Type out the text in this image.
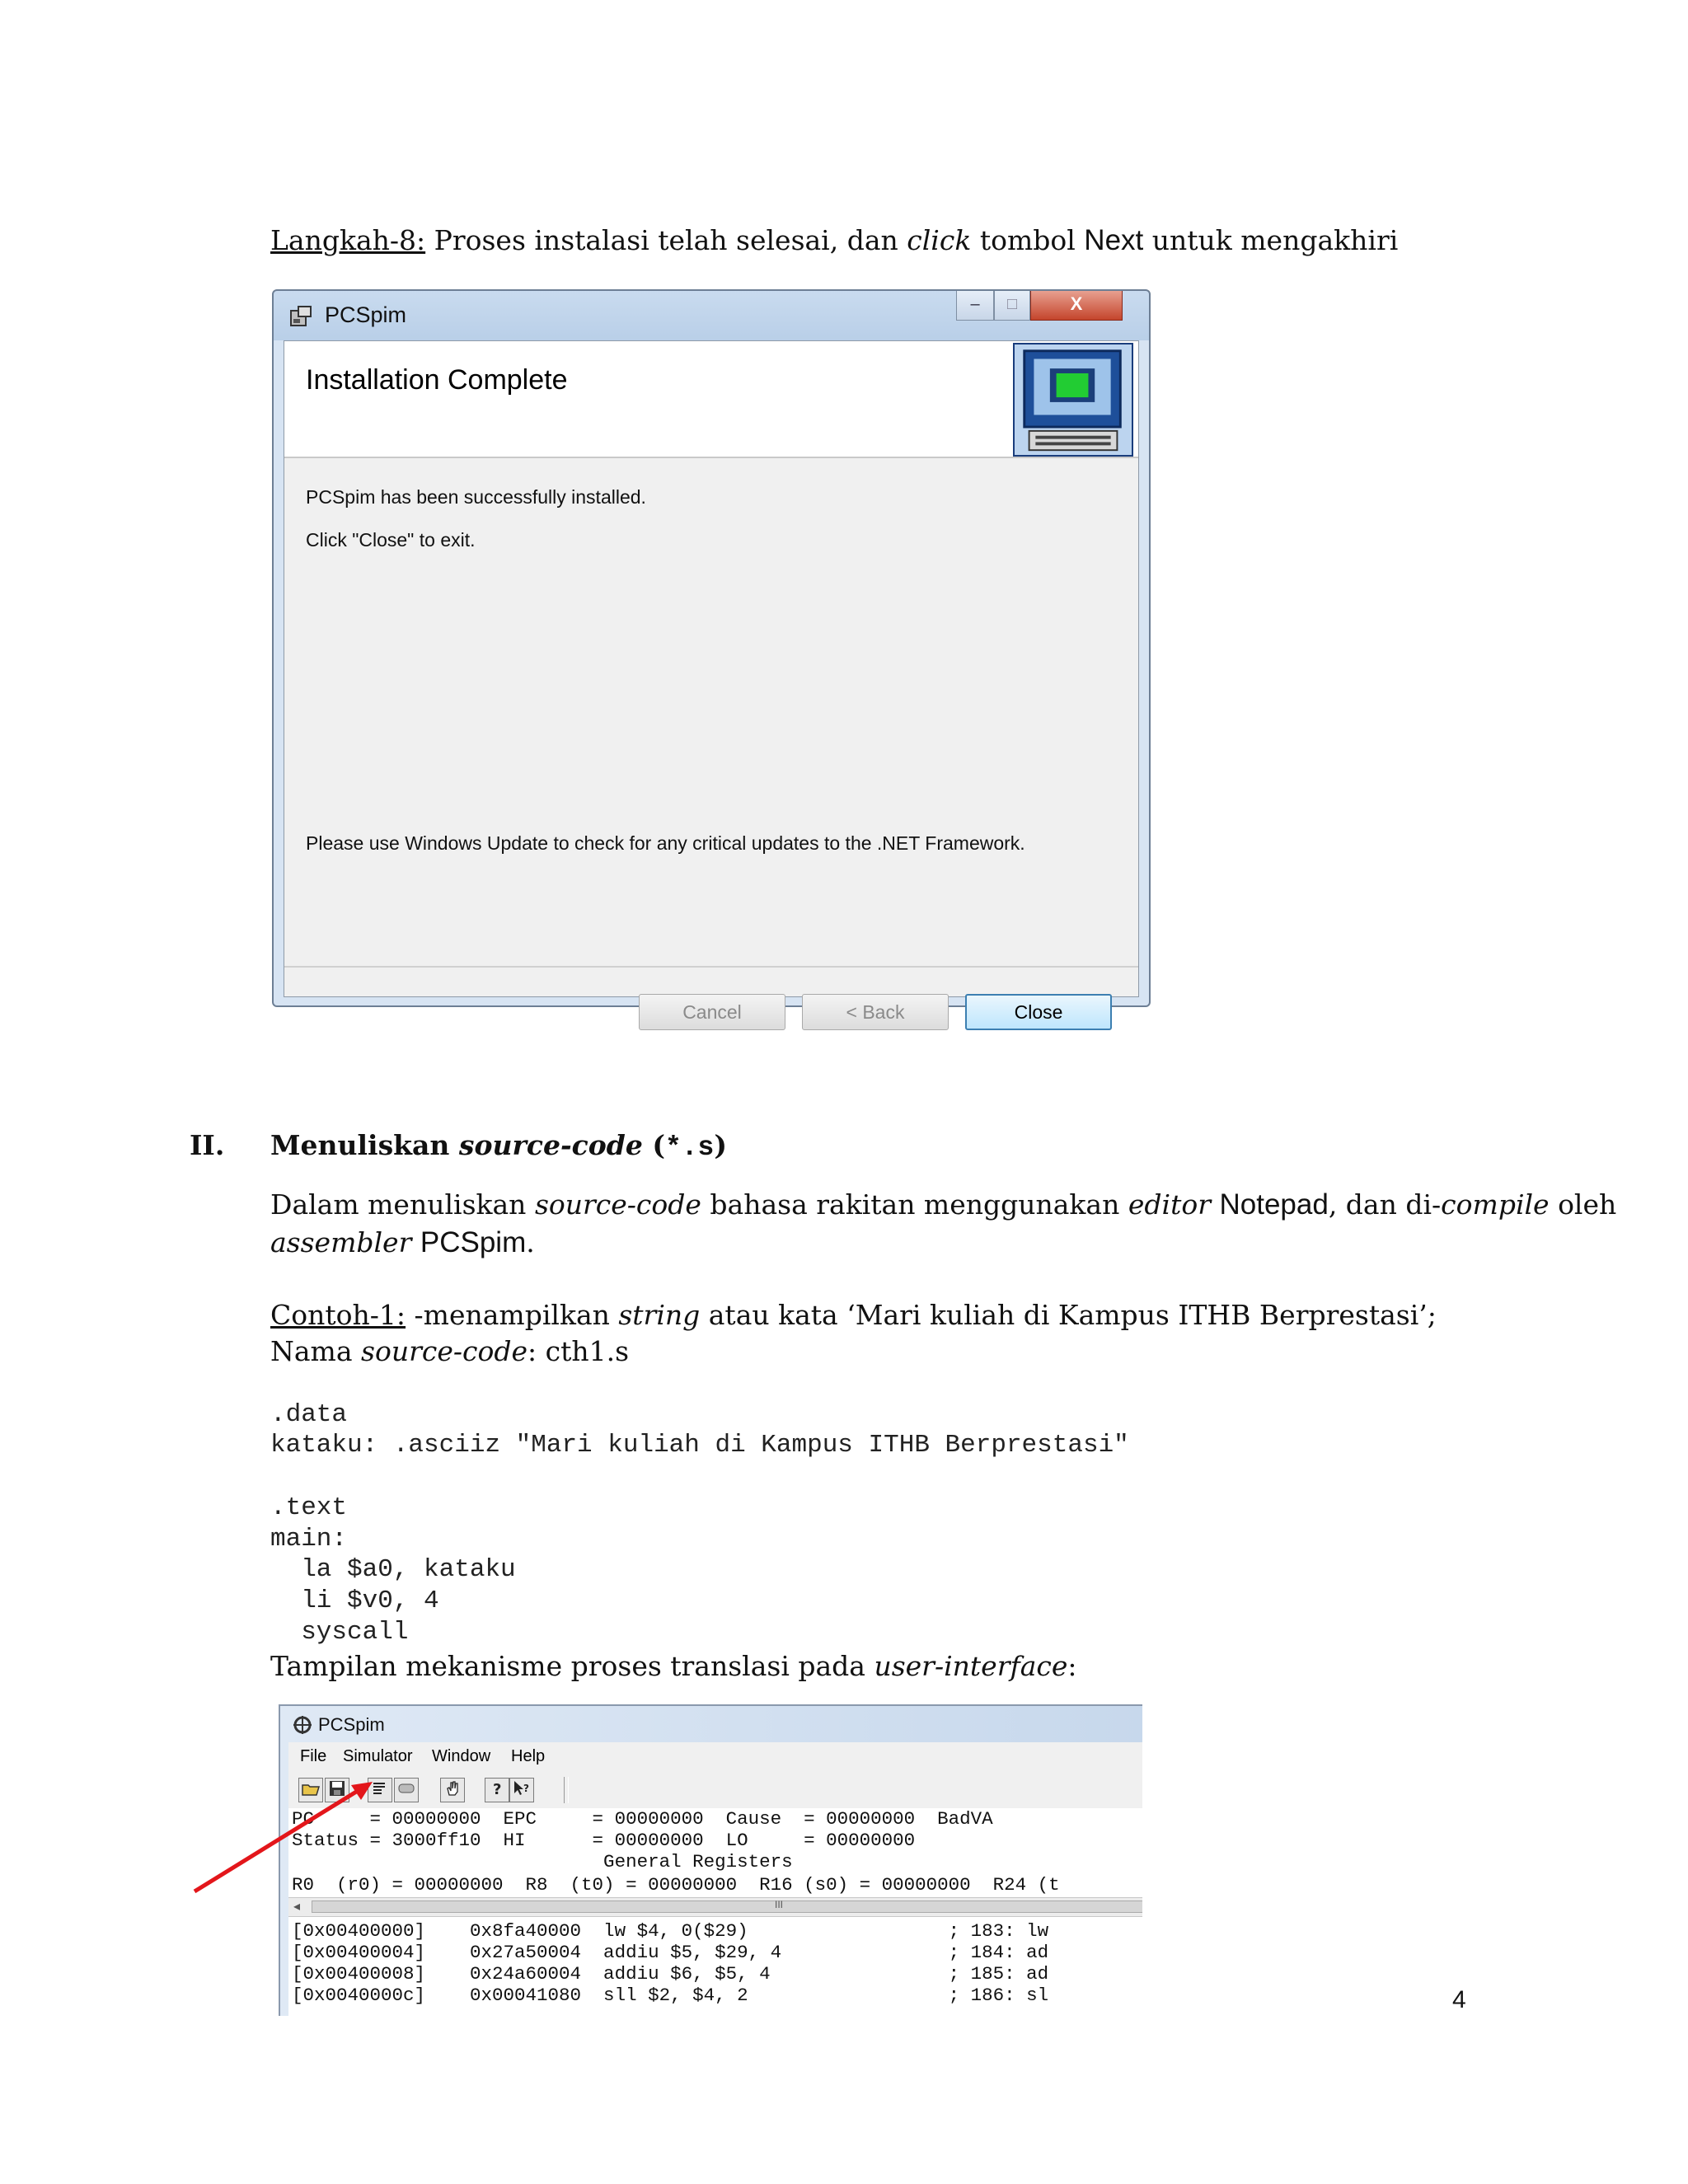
Langkah-8: Proses instalasi telah selesai, dan click tombol Next untuk mengakhiri
PCSpim	–	□	X
Installation Complete
PCSpim has been successfully installed.
Click "Close" to exit.
Please use Windows Update to check for any critical updates to the .NET Framework.
Cancel	< Back	Close
II. Menuliskan source-code (*.s)
Dalam menuliskan source-code bahasa rakitan menggunakan editor Notepad, dan di-compile oleh
assembler PCSpim.
Contoh-1: -menampilkan string atau kata ‘Mari kuliah di Kampus ITHB Berprestasi’;
Nama source-code: cth1.s

.data
kataku: .asciiz "Mari kuliah di Kampus ITHB Berprestasi"
.text
main:
la $a0, kataku
li $v0, 4
syscall

Tampilan mekanisme proses translasi pada user-interface:
PCSpim
File Simulator Window Help
? ?
PC     = 00000000  EPC     = 00000000  Cause  = 00000000  BadVA
Status = 3000ff10  HI      = 00000000  LO     = 00000000
General Registers
R0  (r0) = 00000000  R8  (t0) = 00000000  R16 (s0) = 00000000  R24 (t
◂	III
[0x00400000]    0x8fa40000  lw $4, 0($29)                  ; 183: lw
[0x00400004]    0x27a50004  addiu $5, $29, 4               ; 184: ad
[0x00400008]    0x24a60004  addiu $6, $5, 4                ; 185: ad
[0x0040000c]    0x00041080  sll $2, $4, 2                  ; 186: sl	4
